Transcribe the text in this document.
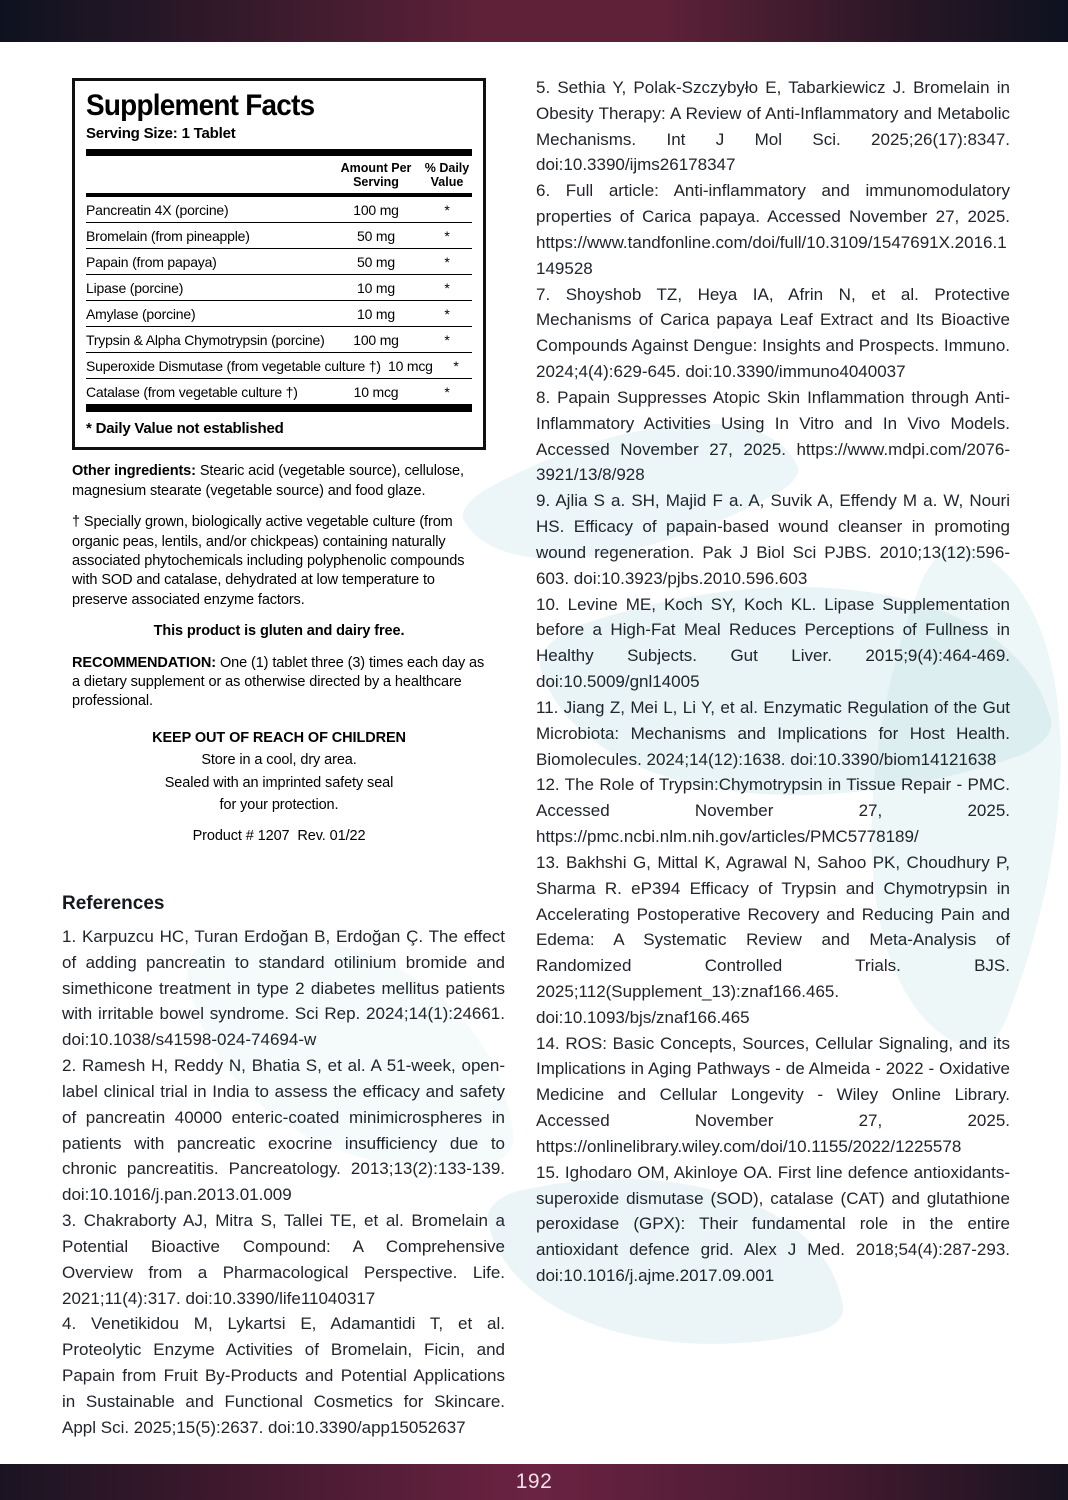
Supplement Facts
Serving Size: 1 Tablet
Amount Per Serving
% Daily Value
Pancreatin 4X (porcine)	100 mg	*
Bromelain (from pineapple)	50 mg	*
Papain (from papaya)	50 mg	*
Lipase (porcine)	10 mg	*
Amylase (porcine)	10 mg	*
Trypsin & Alpha Chymotrypsin (porcine)	100 mg	*
Superoxide Dismutase (from vegetable culture †) 10 mcg	*
Catalase (from vegetable culture †)	10 mcg	*
* Daily Value not established

Other ingredients: Stearic acid (vegetable source), cellulose, magnesium stearate (vegetable source) and food glaze.

† Specially grown, biologically active vegetable culture (from organic peas, lentils, and/or chickpeas) containing naturally associated phytochemicals including polyphenolic compounds with SOD and catalase, dehydrated at low temperature to preserve associated enzyme factors.

This product is gluten and dairy free.

RECOMMENDATION: One (1) tablet three (3) times each day as a dietary supplement or as otherwise directed by a healthcare professional.

KEEP OUT OF REACH OF CHILDREN

Store in a cool, dry area.

Sealed with an imprinted safety seal

for your protection.

Product # 1207  Rev. 01/22

References

1. Karpuzcu HC, Turan Erdoğan B, Erdoğan Ç. The effect of adding pancreatin to standard otilinium bromide and simethicone treatment in type 2 diabetes mellitus patients with irritable bowel syndrome. Sci Rep. 2024;14(1):24661. doi:10.1038/s41598-024-74694-w

2. Ramesh H, Reddy N, Bhatia S, et al. A 51-week, open-label clinical trial in India to assess the efficacy and safety of pancreatin 40000 enteric-coated minimicrospheres in patients with pancreatic exocrine insufficiency due to chronic pancreatitis. Pancreatology. 2013;13(2):133-139. doi:10.1016/j.pan.2013.01.009

3. Chakraborty AJ, Mitra S, Tallei TE, et al. Bromelain a Potential Bioactive Compound: A Comprehensive Overview from a Pharmacological Perspective. Life. 2021;11(4):317. doi:10.3390/life11040317

4. Venetikidou M, Lykartsi E, Adamantidi T, et al. Proteolytic Enzyme Activities of Bromelain, Ficin, and Papain from Fruit By-Products and Potential Applications in Sustainable and Functional Cosmetics for Skincare. Appl Sci. 2025;15(5):2637. doi:10.3390/app15052637

5. Sethia Y, Polak-Szczybyło E, Tabarkiewicz J. Bromelain in Obesity Therapy: A Review of Anti-Inflammatory and Metabolic Mechanisms. Int J Mol Sci. 2025;26(17):8347. doi:10.3390/ijms26178347

6. Full article: Anti-inflammatory and immunomodulatory properties of Carica papaya. Accessed November 27, 2025. https://www.tandfonline.com/doi/full/10.3109/1547691X.2016.1149528

7. Shoyshob TZ, Heya IA, Afrin N, et al. Protective Mechanisms of Carica papaya Leaf Extract and Its Bioactive Compounds Against Dengue: Insights and Prospects. Immuno. 2024;4(4):629-645. doi:10.3390/immuno4040037

8. Papain Suppresses Atopic Skin Inflammation through Anti-Inflammatory Activities Using In Vitro and In Vivo Models. Accessed November 27, 2025. https://www.mdpi.com/2076-3921/13/8/928

9. Ajlia S a. SH, Majid F a. A, Suvik A, Effendy M a. W, Nouri HS. Efficacy of papain-based wound cleanser in promoting wound regeneration. Pak J Biol Sci PJBS. 2010;13(12):596-603. doi:10.3923/pjbs.2010.596.603

10. Levine ME, Koch SY, Koch KL. Lipase Supplementation before a High-Fat Meal Reduces Perceptions of Fullness in Healthy Subjects. Gut Liver. 2015;9(4):464-469. doi:10.5009/gnl14005

11. Jiang Z, Mei L, Li Y, et al. Enzymatic Regulation of the Gut Microbiota: Mechanisms and Implications for Host Health. Biomolecules. 2024;14(12):1638. doi:10.3390/biom14121638

12. The Role of Trypsin:Chymotrypsin in Tissue Repair - PMC. Accessed November 27, 2025. https://pmc.ncbi.nlm.nih.gov/articles/PMC5778189/

13. Bakhshi G, Mittal K, Agrawal N, Sahoo PK, Choudhury P, Sharma R. eP394 Efficacy of Trypsin and Chymotrypsin in Accelerating Postoperative Recovery and Reducing Pain and Edema: A Systematic Review and Meta-Analysis of Randomized Controlled Trials. BJS. 2025;112(Supplement_13):znaf166.465. doi:10.1093/bjs/znaf166.465

14. ROS: Basic Concepts, Sources, Cellular Signaling, and its Implications in Aging Pathways - de Almeida - 2022 - Oxidative Medicine and Cellular Longevity - Wiley Online Library. Accessed November 27, 2025. https://onlinelibrary.wiley.com/doi/10.1155/2022/1225578

15. Ighodaro OM, Akinloye OA. First line defence antioxidants-superoxide dismutase (SOD), catalase (CAT) and glutathione peroxidase (GPX): Their fundamental role in the entire antioxidant defence grid. Alex J Med. 2018;54(4):287-293. doi:10.1016/j.ajme.2017.09.001

192
